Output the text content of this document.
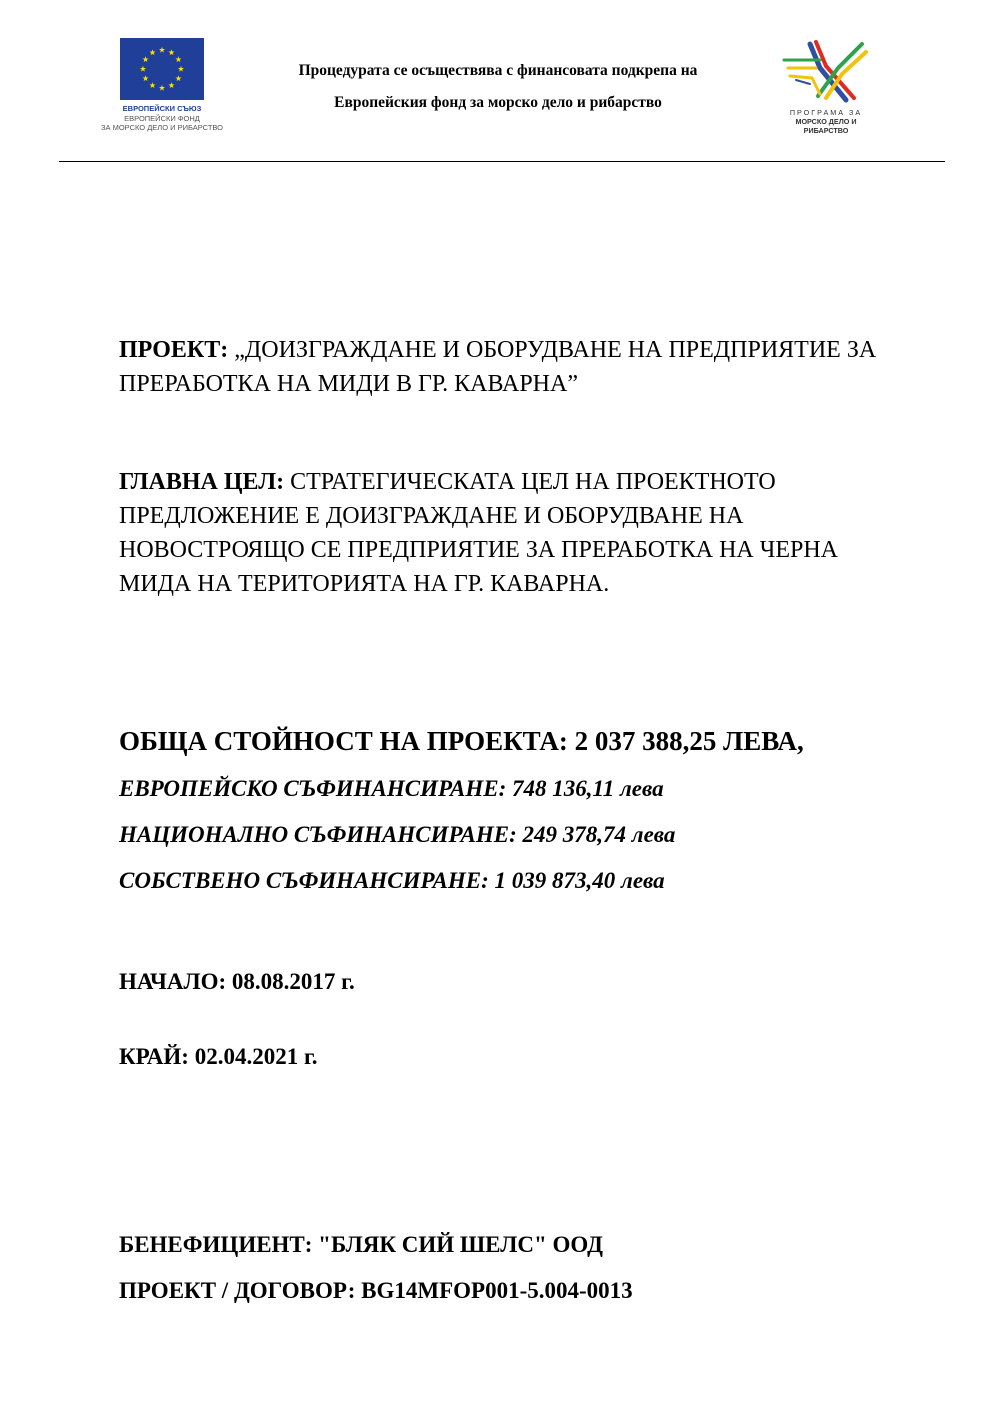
ЕВРОПЕЙСКИ СЪЮЗ
ЕВРОПЕЙСКИ ФОНД
ЗА МОРСКО ДЕЛО И РИБАРСТВО
Процедурата се осъществява с финансовата подкрепа на
Европейския фонд за морско дело и рибарство
ПРОГРАМА ЗА
МОРСКО ДЕЛО И
РИБАРСТВО
ПРОЕКТ: „ДОИЗГРАЖДАНЕ И ОБОРУДВАНЕ НА ПРЕДПРИЯТИЕ ЗА ПРЕРАБОТКА НА МИДИ В ГР. КАВАРНА”
ГЛАВНА ЦЕЛ: СТРАТЕГИЧЕСКАТА ЦЕЛ НА ПРОЕКТНОТО ПРЕДЛОЖЕНИЕ Е ДОИЗГРАЖДАНЕ И ОБОРУДВАНЕ НА НОВОСТРОЯЩО СЕ ПРЕДПРИЯТИЕ ЗА ПРЕРАБОТКА НА ЧЕРНА МИДА НА ТЕРИТОРИЯТА НА ГР. КАВАРНА.
ОБЩА СТОЙНОСТ НА ПРОЕКТА: 2 037 388,25 ЛЕВА,
ЕВРОПЕЙСКО СЪФИНАНСИРАНЕ: 748 136,11 лева
НАЦИОНАЛНО СЪФИНАНСИРАНЕ: 249 378,74 лева
СОБСТВЕНО СЪФИНАНСИРАНЕ: 1 039 873,40 лева
НАЧАЛО: 08.08.2017 г.
КРАЙ: 02.04.2021 г.
БЕНЕФИЦИЕНТ: "БЛЯК СИЙ ШЕЛС" ООД
ПРОЕКТ / ДОГОВОР: BG14MFOP001-5.004-0013
